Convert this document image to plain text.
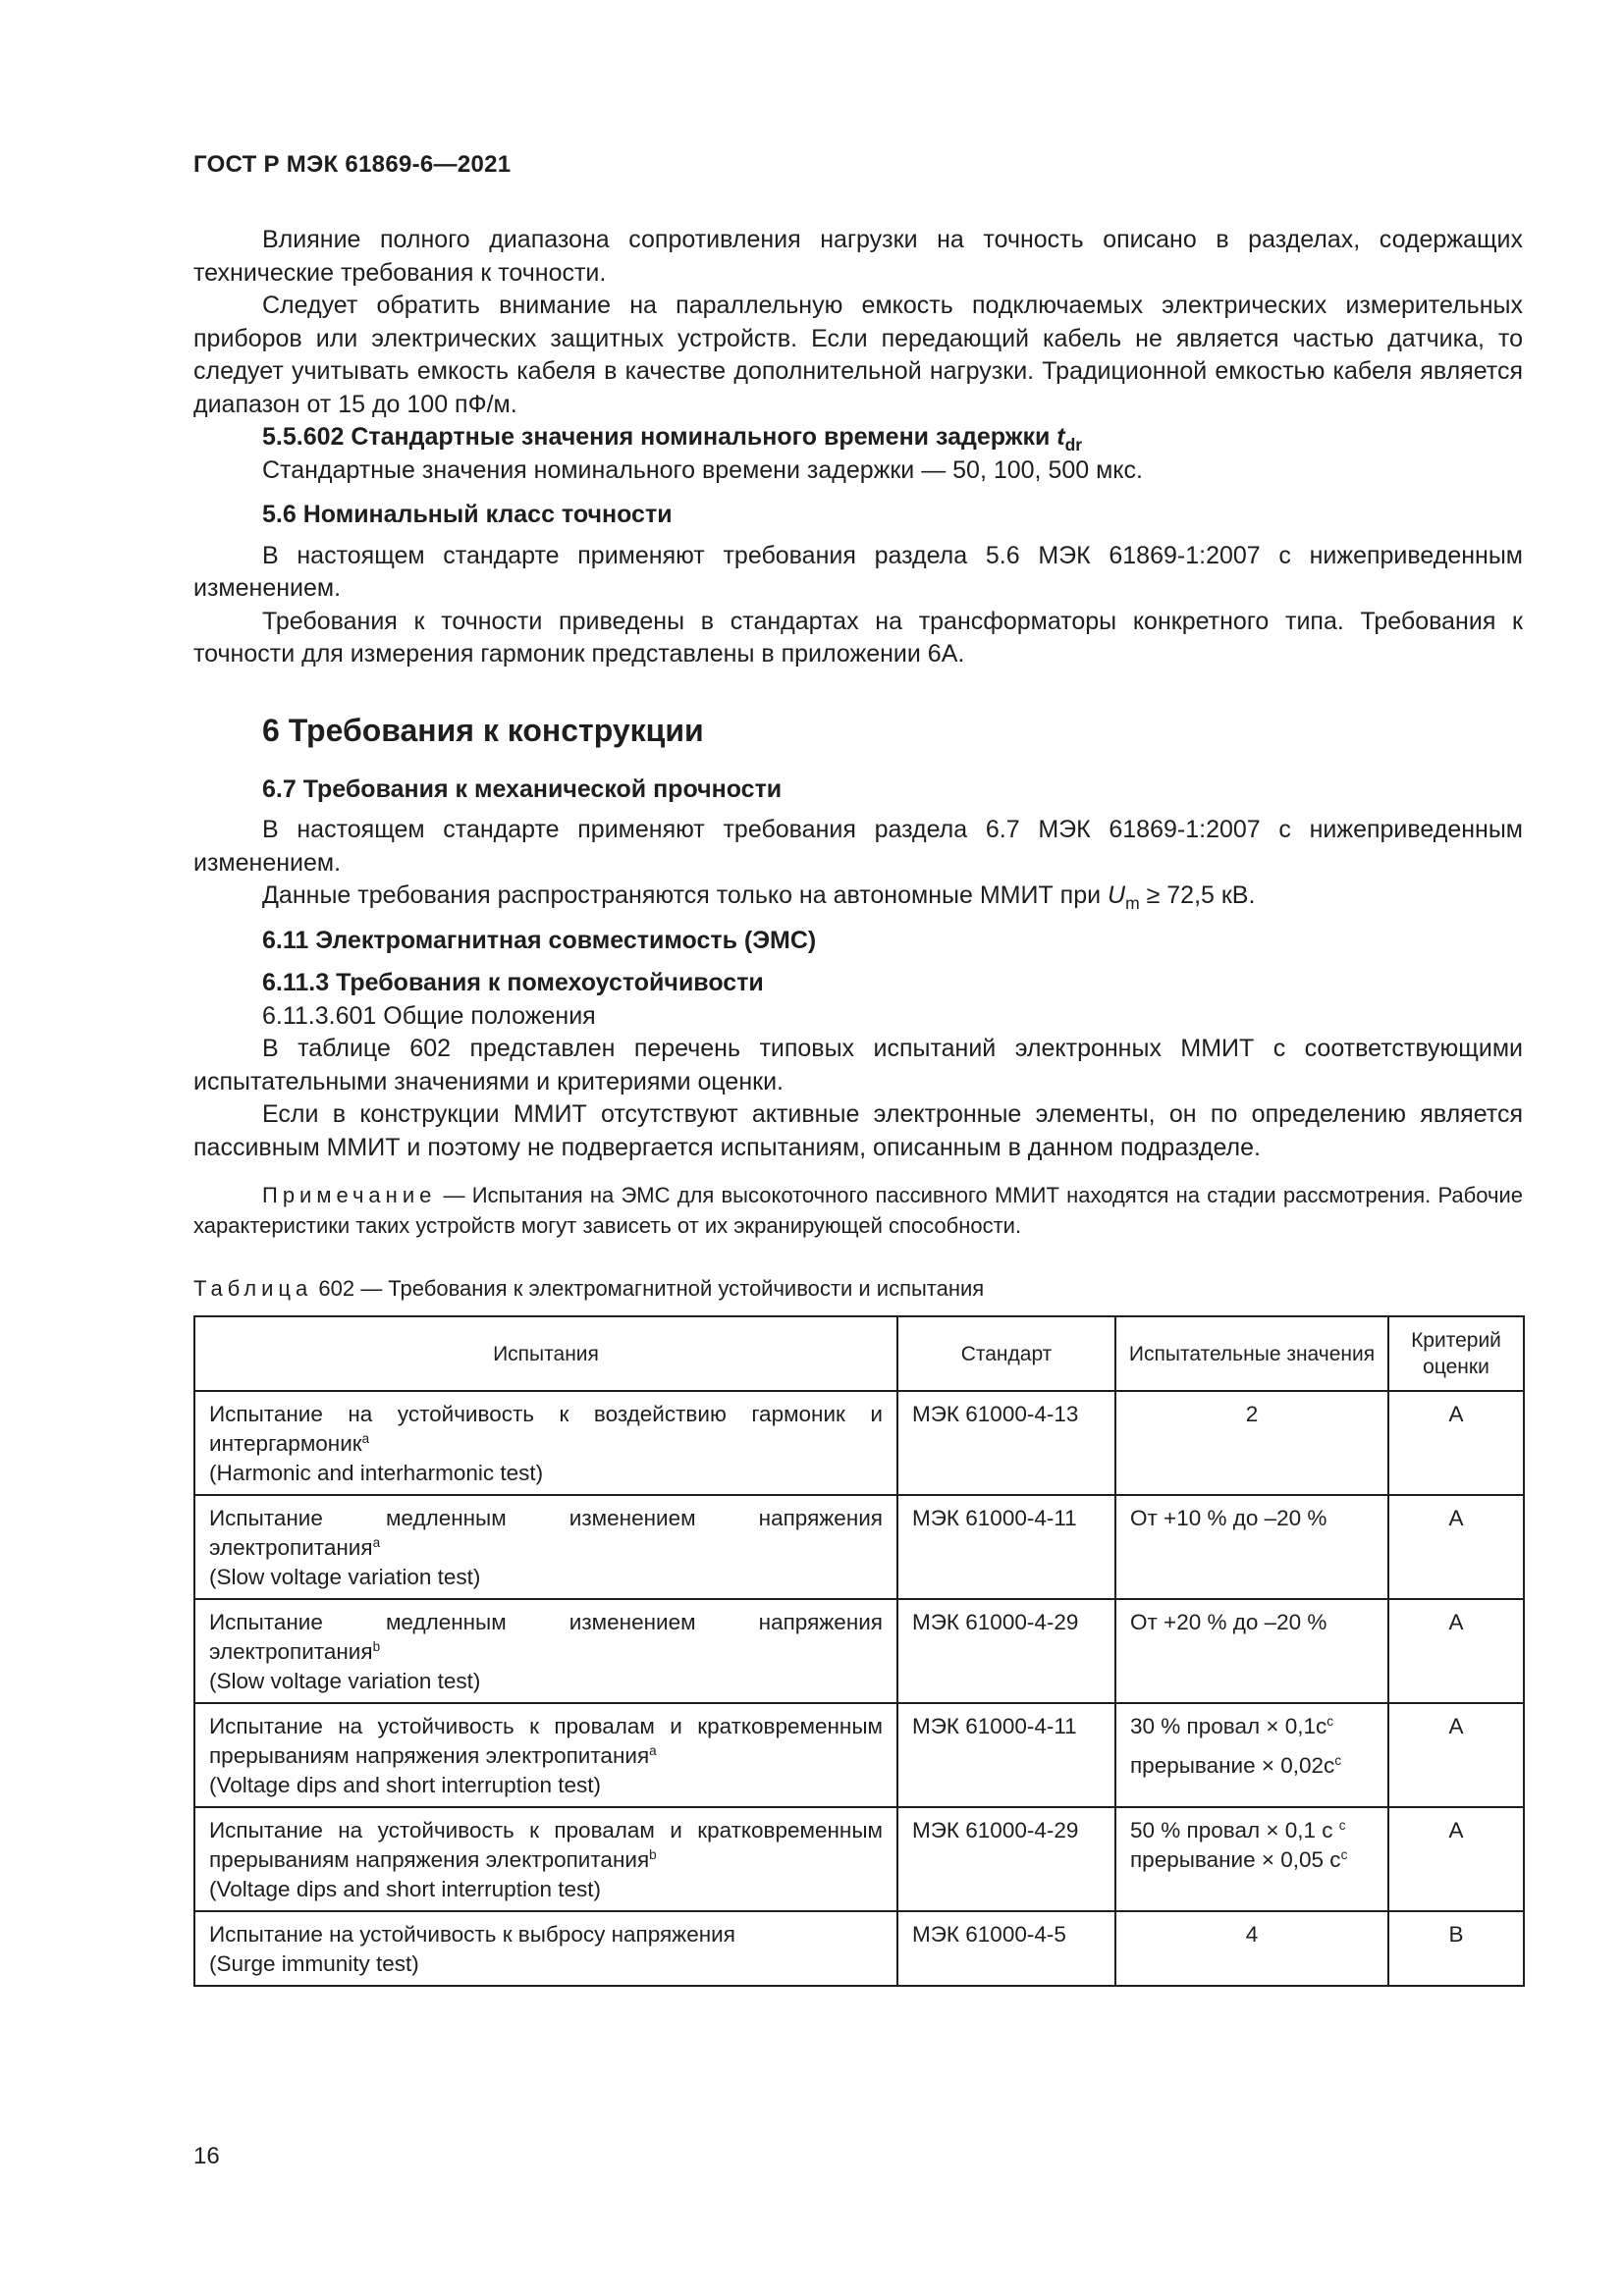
ГОСТ Р МЭК 61869-6—2021

Влияние полного диапазона сопротивления нагрузки на точность описано в разделах, содержащих технические требования к точности.

Следует обратить внимание на параллельную емкость подключаемых электрических измерительных приборов или электрических защитных устройств. Если передающий кабель не является частью датчика, то следует учитывать емкость кабеля в качестве дополнительной нагрузки. Традиционной емкостью кабеля является диапазон от 15 до 100 пФ/м.

5.5.602 Стандартные значения номинального времени задержки $t_{dr}$

Стандартные значения номинального времени задержки — 50, 100, 500 мкс.

5.6 Номинальный класс точности

В настоящем стандарте применяют требования раздела 5.6 МЭК 61869-1:2007 с нижеприведенным изменением.

Требования к точности приведены в стандартах на трансформаторы конкретного типа. Требования к точности для измерения гармоник представлены в приложении 6А.

6 Требования к конструкции

6.7 Требования к механической прочности

В настоящем стандарте применяют требования раздела 6.7 МЭК 61869-1:2007 с нижеприведенным изменением.

Данные требования распространяются только на автономные ММИТ при $U_m \ge 72,5$ кВ.

6.11 Электромагнитная совместимость (ЭМС)

6.11.3 Требования к помехоустойчивости

6.11.3.601 Общие положения

В таблице 602 представлен перечень типовых испытаний электронных ММИТ с соответствующими испытательными значениями и критериями оценки.

Если в конструкции ММИТ отсутствуют активные электронные элементы, он по определению является пассивным ММИТ и поэтому не подвергается испытаниям, описанным в данном подразделе.

Примечание — Испытания на ЭМС для высокоточного пассивного ММИТ находятся на стадии рассмотрения. Рабочие характеристики таких устройств могут зависеть от их экранирующей способности.

Таблица 602 — Требования к электромагнитной устойчивости и испытания

Испытания	Стандарт	Испытательные значения	Критерий оценки
Испытание на устойчивость к воздействию гармоник и интергармоник$^a$
(Harmonic and interharmonic test)	МЭК 61000-4-13	2	A
Испытание медленным изменением напряжения электропитания$^a$
(Slow voltage variation test)	МЭК 61000-4-11	От +10 % до –20 %	A
Испытание медленным изменением напряжения электропитания$^b$
(Slow voltage variation test)	МЭК 61000-4-29	От +20 % до –20 %	A
Испытание на устойчивость к провалам и кратковременным прерываниям напряжения электропитания$^a$
(Voltage dips and short interruption test)	МЭК 61000-4-11	30 % провал × $0,1с^c$

прерывание × $0,02с^c$	A
Испытание на устойчивость к провалам и кратковременным прерываниям напряжения электропитания$^b$
(Voltage dips and short interruption test)	МЭК 61000-4-29	50 % провал × 0,1 с $^c$
прерывание × 0,05 $с^c$	A
Испытание на устойчивость к выбросу напряжения
(Surge immunity test)	МЭК 61000-4-5	4	B
16
